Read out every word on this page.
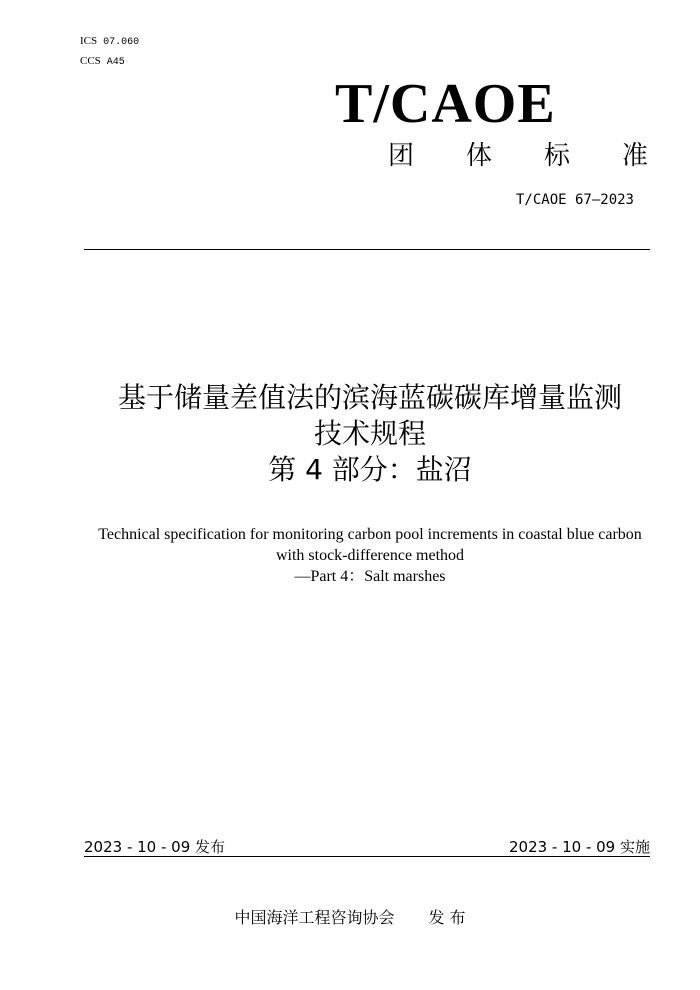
ICS 07.060
CCS A45
T/CAOE
团 体 标 准
T/CAOE 67—2023
基于储量差值法的滨海蓝碳碳库增量监测
技术规程
第 4 部分：盐沼
Technical specification for monitoring carbon pool increments in coastal blue carbon
with stock-difference method
—Part 4：Salt marshes
2023 - 10 - 09 发布	2023 - 10 - 09 实施
中国海洋工程咨询协会 发 布
